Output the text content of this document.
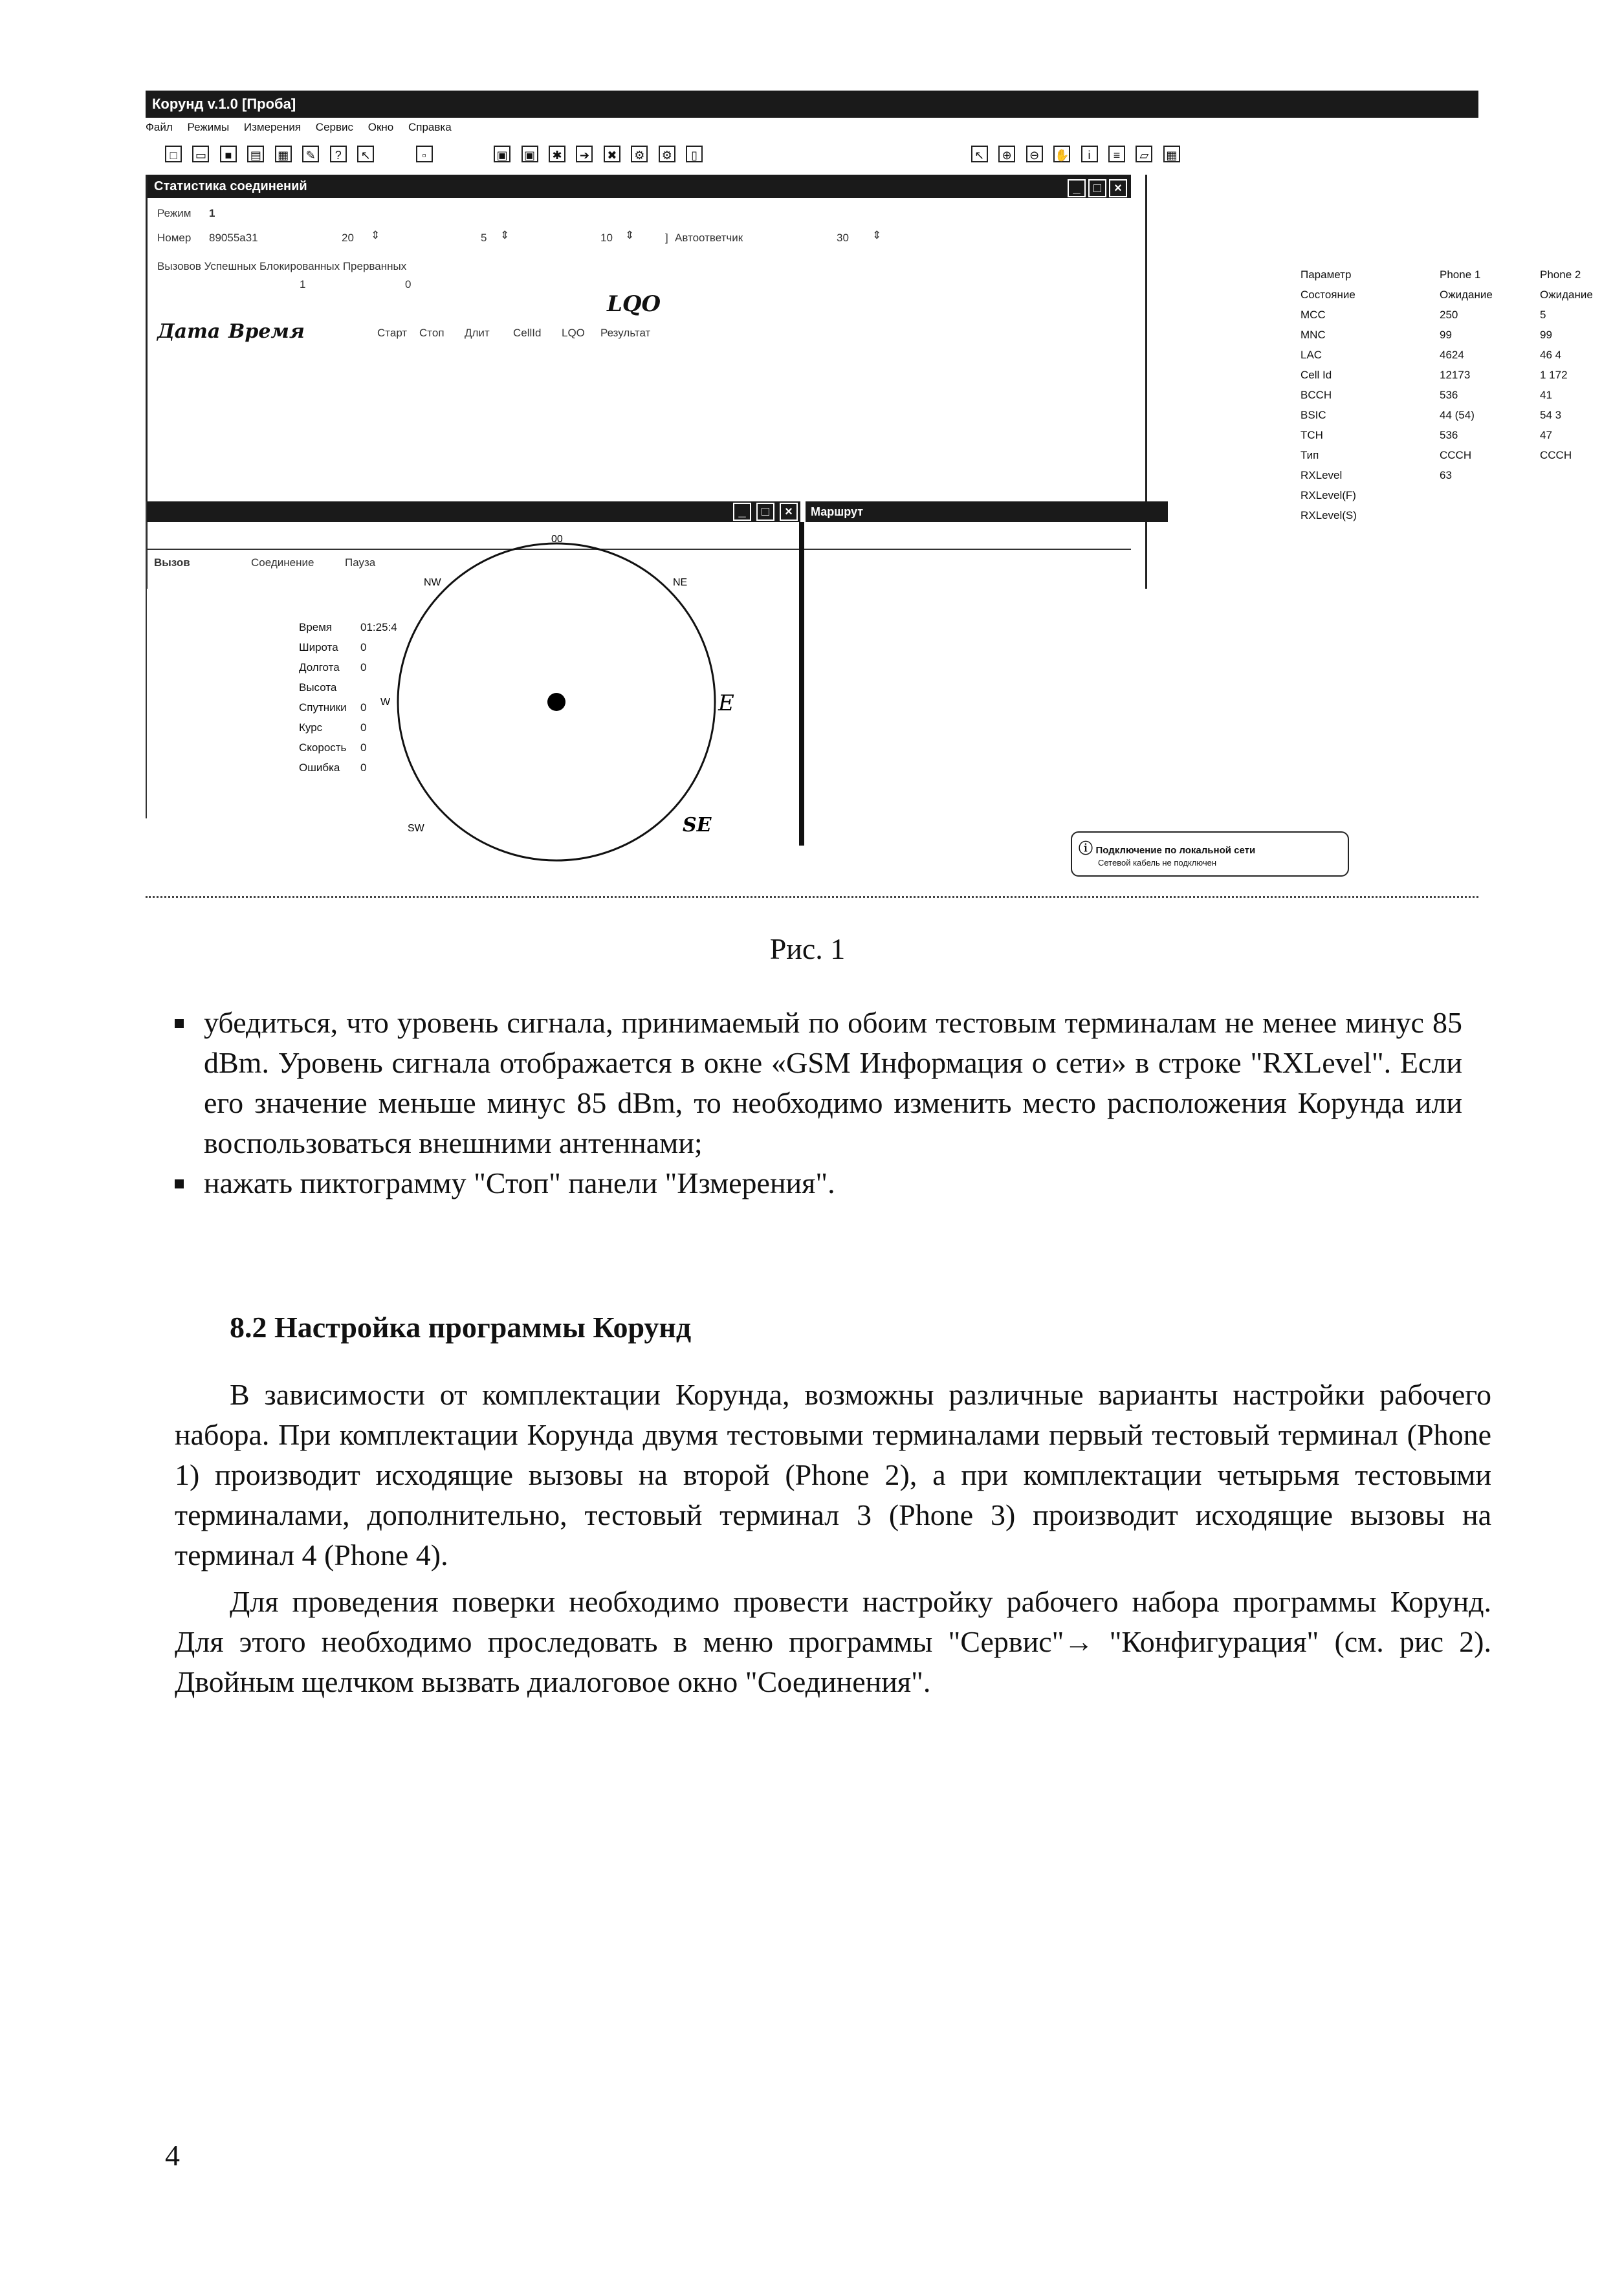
Корунд v.1.0 [Проба]
Файл Режимы Измерения Сервис Окно Справка
□ ▭ ■ ▤ ▦ ✎ ? ↖	▫	▣ ▣ ✱ ➔ ✖ ⚙ ⚙ ▯	↖ ⊕ ⊖ ✋ i ≡ ▱ ▦
Статистика соединений	_ □ ×
Режим 1
Номер 89055а31	20 ⇕	5 ⇕	10 ⇕	] Автоответчик	30 ⇕
Вызовов Успешных Блокированных Прерванных
1	0
LQO
Дата Время	Старт Стоп Длит CellId LQO Результат
Вызов	Соединение	Пауза
Параметр	Phone 1	Phone 2
Состояние	Ожидание	Ожидание
MCC	250	5
MNC	99	99
LAC	4624	46 4
Cell Id	12173	1 172
BCCH	536	41
BSIC	44 (54)	54 3
TCH	536	47
Тип	CCCH	CCCH
RXLevel	63
RXLevel(F)
RXLevel(S)
×
□
_
Время	01:25:4
Широта 0
Долгота 0
Высота
Спутники 0
Курс	0
Скорость 0
Ошибка 0
Маршрут
00
NW	NE
W	E
SW	SE
ⓘ Подключение по локальной сети
Сетевой кабель не подключен
Рис. 1
убедиться, что уровень сигнала, принимаемый по обоим тестовым терминалам не менее минус 85 dBm. Уровень сигнала отображается в окне «GSM Информация о сети» в строке "RXLevel". Если его значение меньше минус 85 dBm, то необходимо изменить место расположения Корунда или воспользоваться внешними антеннами;
нажать пиктограмму "Стоп" панели "Измерения".
8.2 Настройка программы Корунд
В зависимости от комплектации Корунда, возможны различные варианты настройки рабочего набора. При комплектации Корунда двумя тестовыми терминалами первый тестовый терминал (Phone 1) производит исходящие вызовы на второй (Phone 2), а при комплектации четырьмя тестовыми терминалами, дополнительно, тестовый терминал 3 (Phone 3) производит исходящие вызовы на терминал 4 (Phone 4).
Для проведения поверки необходимо провести настройку рабочего набора программы Корунд. Для этого необходимо проследовать в меню программы "Сервис"→ "Конфигурация" (см. рис 2). Двойным щелчком вызвать диалоговое окно "Соединения".
4
